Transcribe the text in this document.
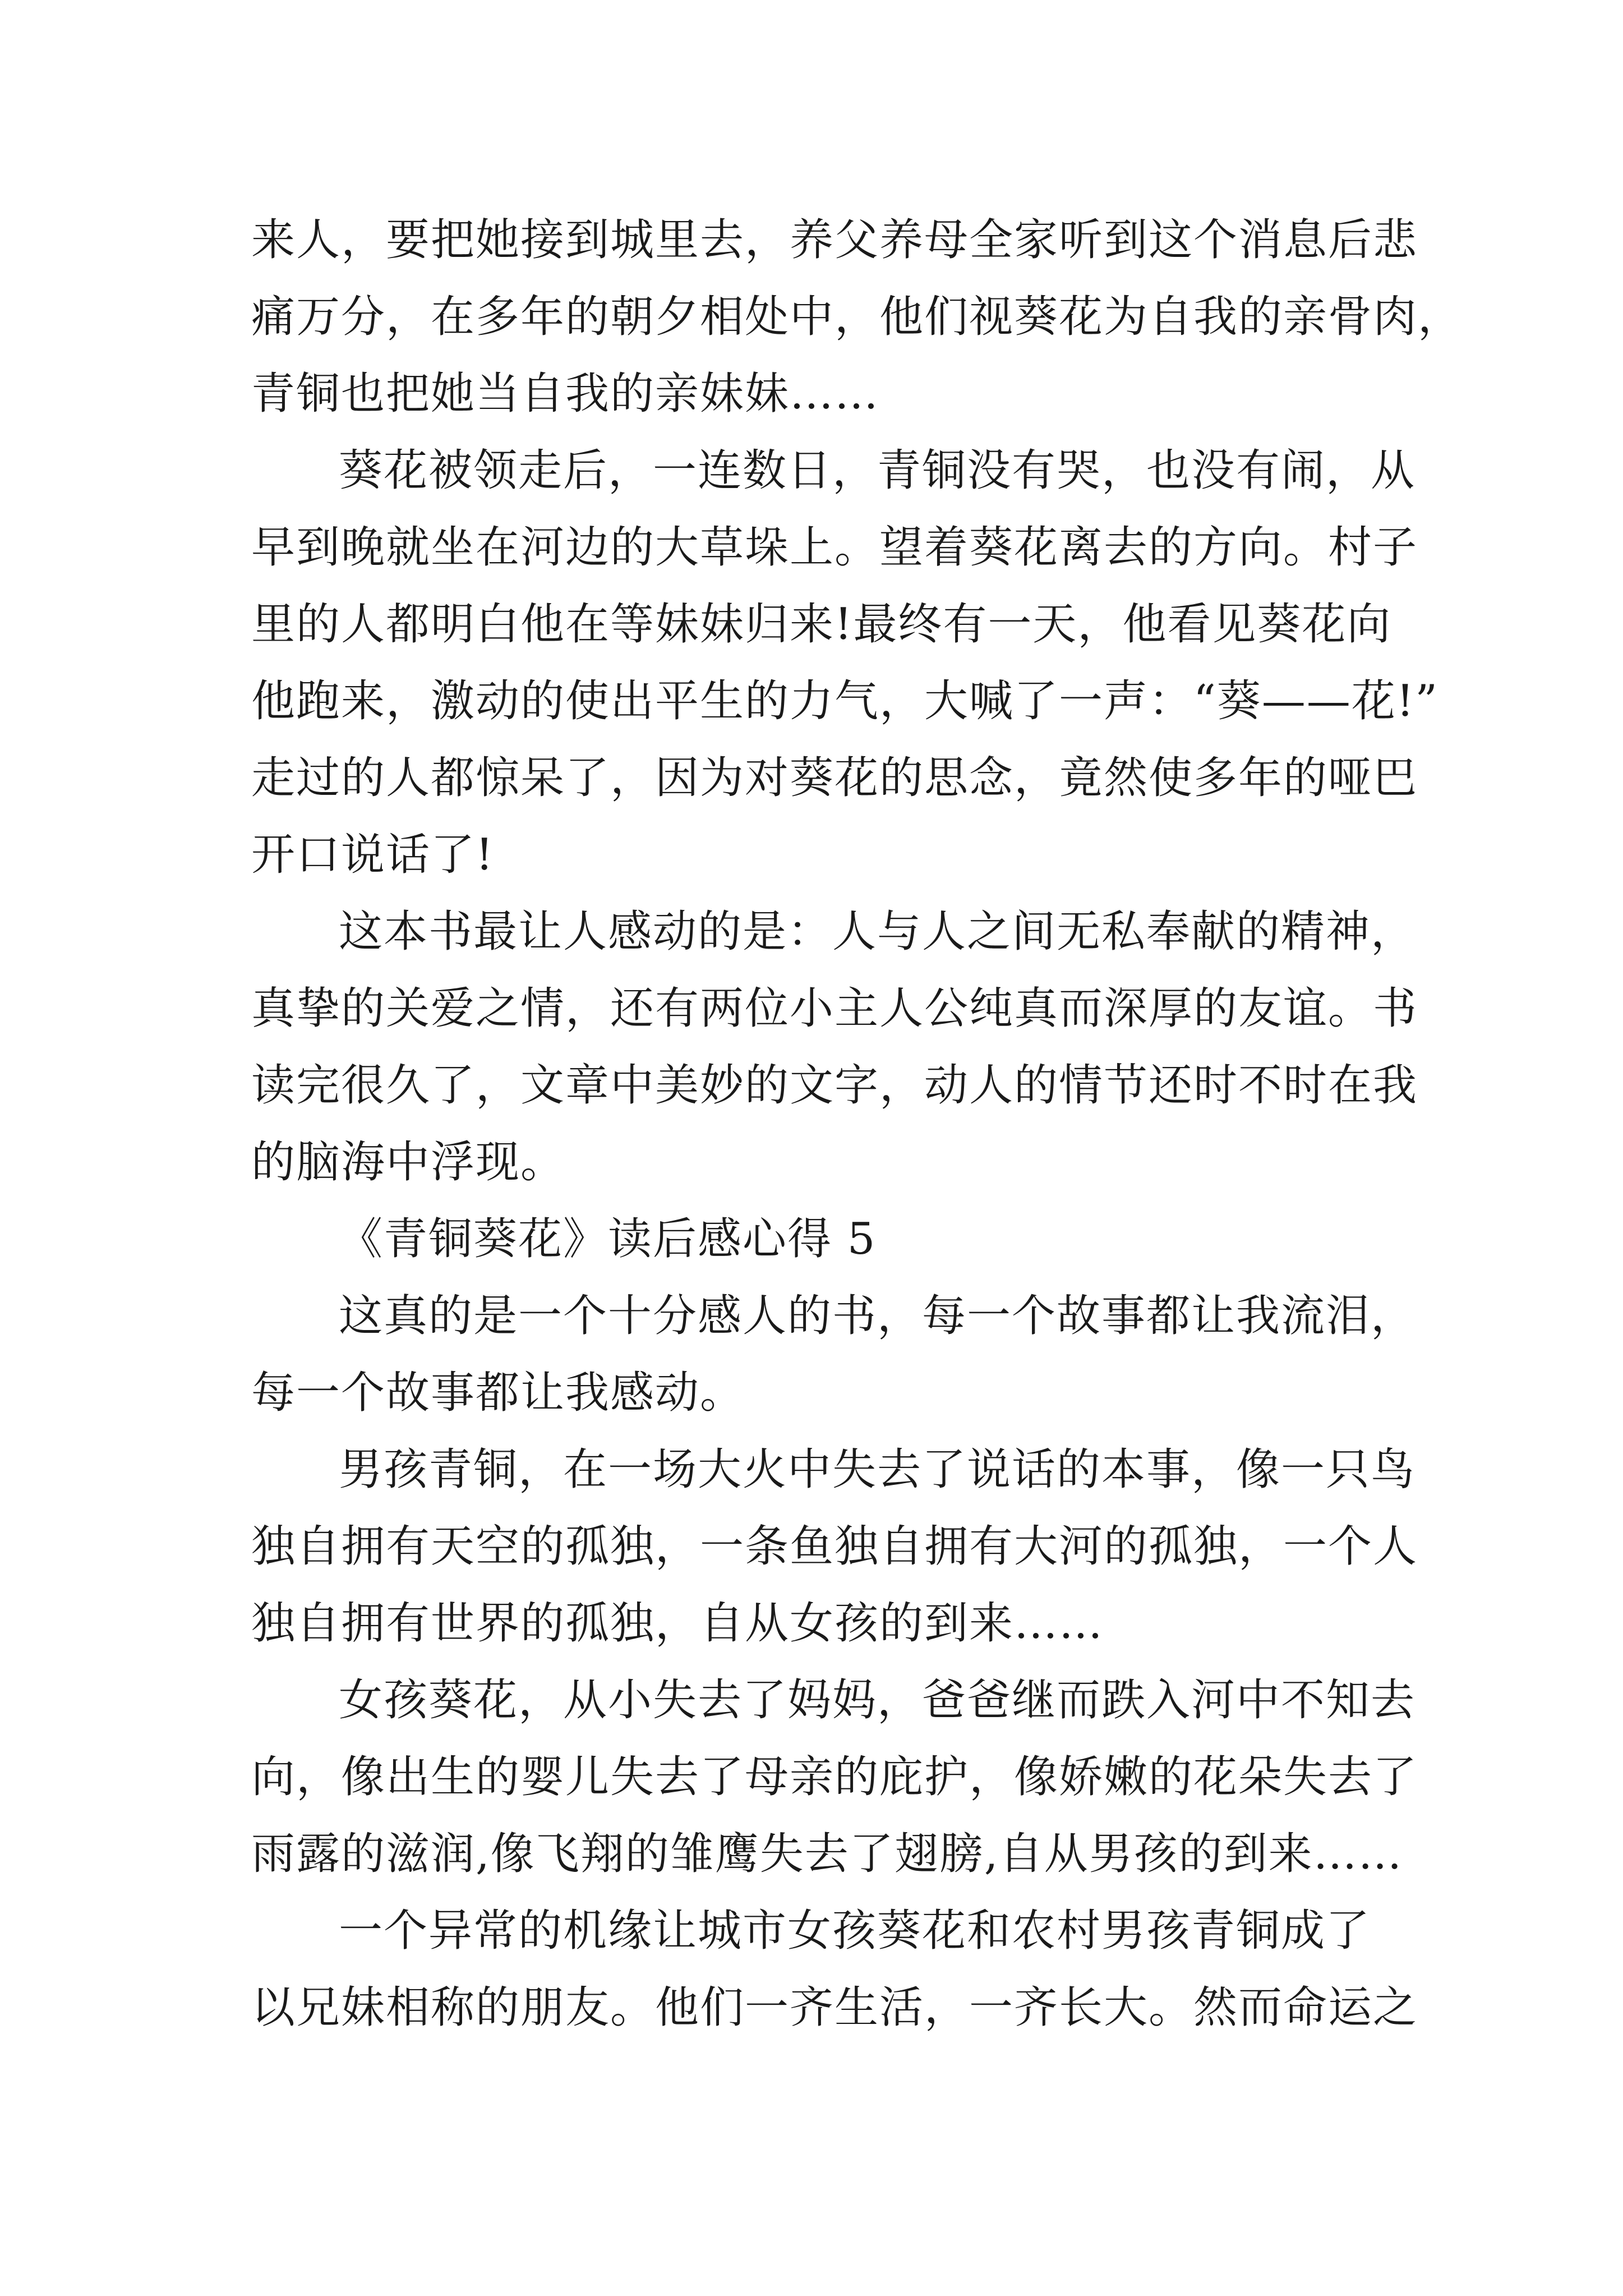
来人，要把她接到城里去，养父养母全家听到这个消息后悲
痛万分，在多年的朝夕相处中，他们视葵花为自我的亲骨肉，
青铜也把她当自我的亲妹妹……
葵花被领走后，一连数日，青铜没有哭，也没有闹，从
早到晚就坐在河边的大草垛上。望着葵花离去的方向。村子
里的人都明白他在等妹妹归来!最终有一天，他看见葵花向
他跑来，激动的使出平生的力气，大喊了一声：“葵——花!”
走过的人都惊呆了，因为对葵花的思念，竟然使多年的哑巴
开口说话了!
这本书最让人感动的是：人与人之间无私奉献的精神，
真挚的关爱之情，还有两位小主人公纯真而深厚的友谊。书
读完很久了，文章中美妙的文字，动人的情节还时不时在我
的脑海中浮现。
《青铜葵花》读后感心得 5
这真的是一个十分感人的书，每一个故事都让我流泪，
每一个故事都让我感动。
男孩青铜，在一场大火中失去了说话的本事，像一只鸟
独自拥有天空的孤独，一条鱼独自拥有大河的孤独，一个人
独自拥有世界的孤独，自从女孩的到来……
女孩葵花，从小失去了妈妈，爸爸继而跌入河中不知去
向，像出生的婴儿失去了母亲的庇护，像娇嫩的花朵失去了
雨露的滋润,像飞翔的雏鹰失去了翅膀,自从男孩的到来……
一个异常的机缘让城市女孩葵花和农村男孩青铜成了
以兄妹相称的朋友。他们一齐生活，一齐长大。然而命运之
